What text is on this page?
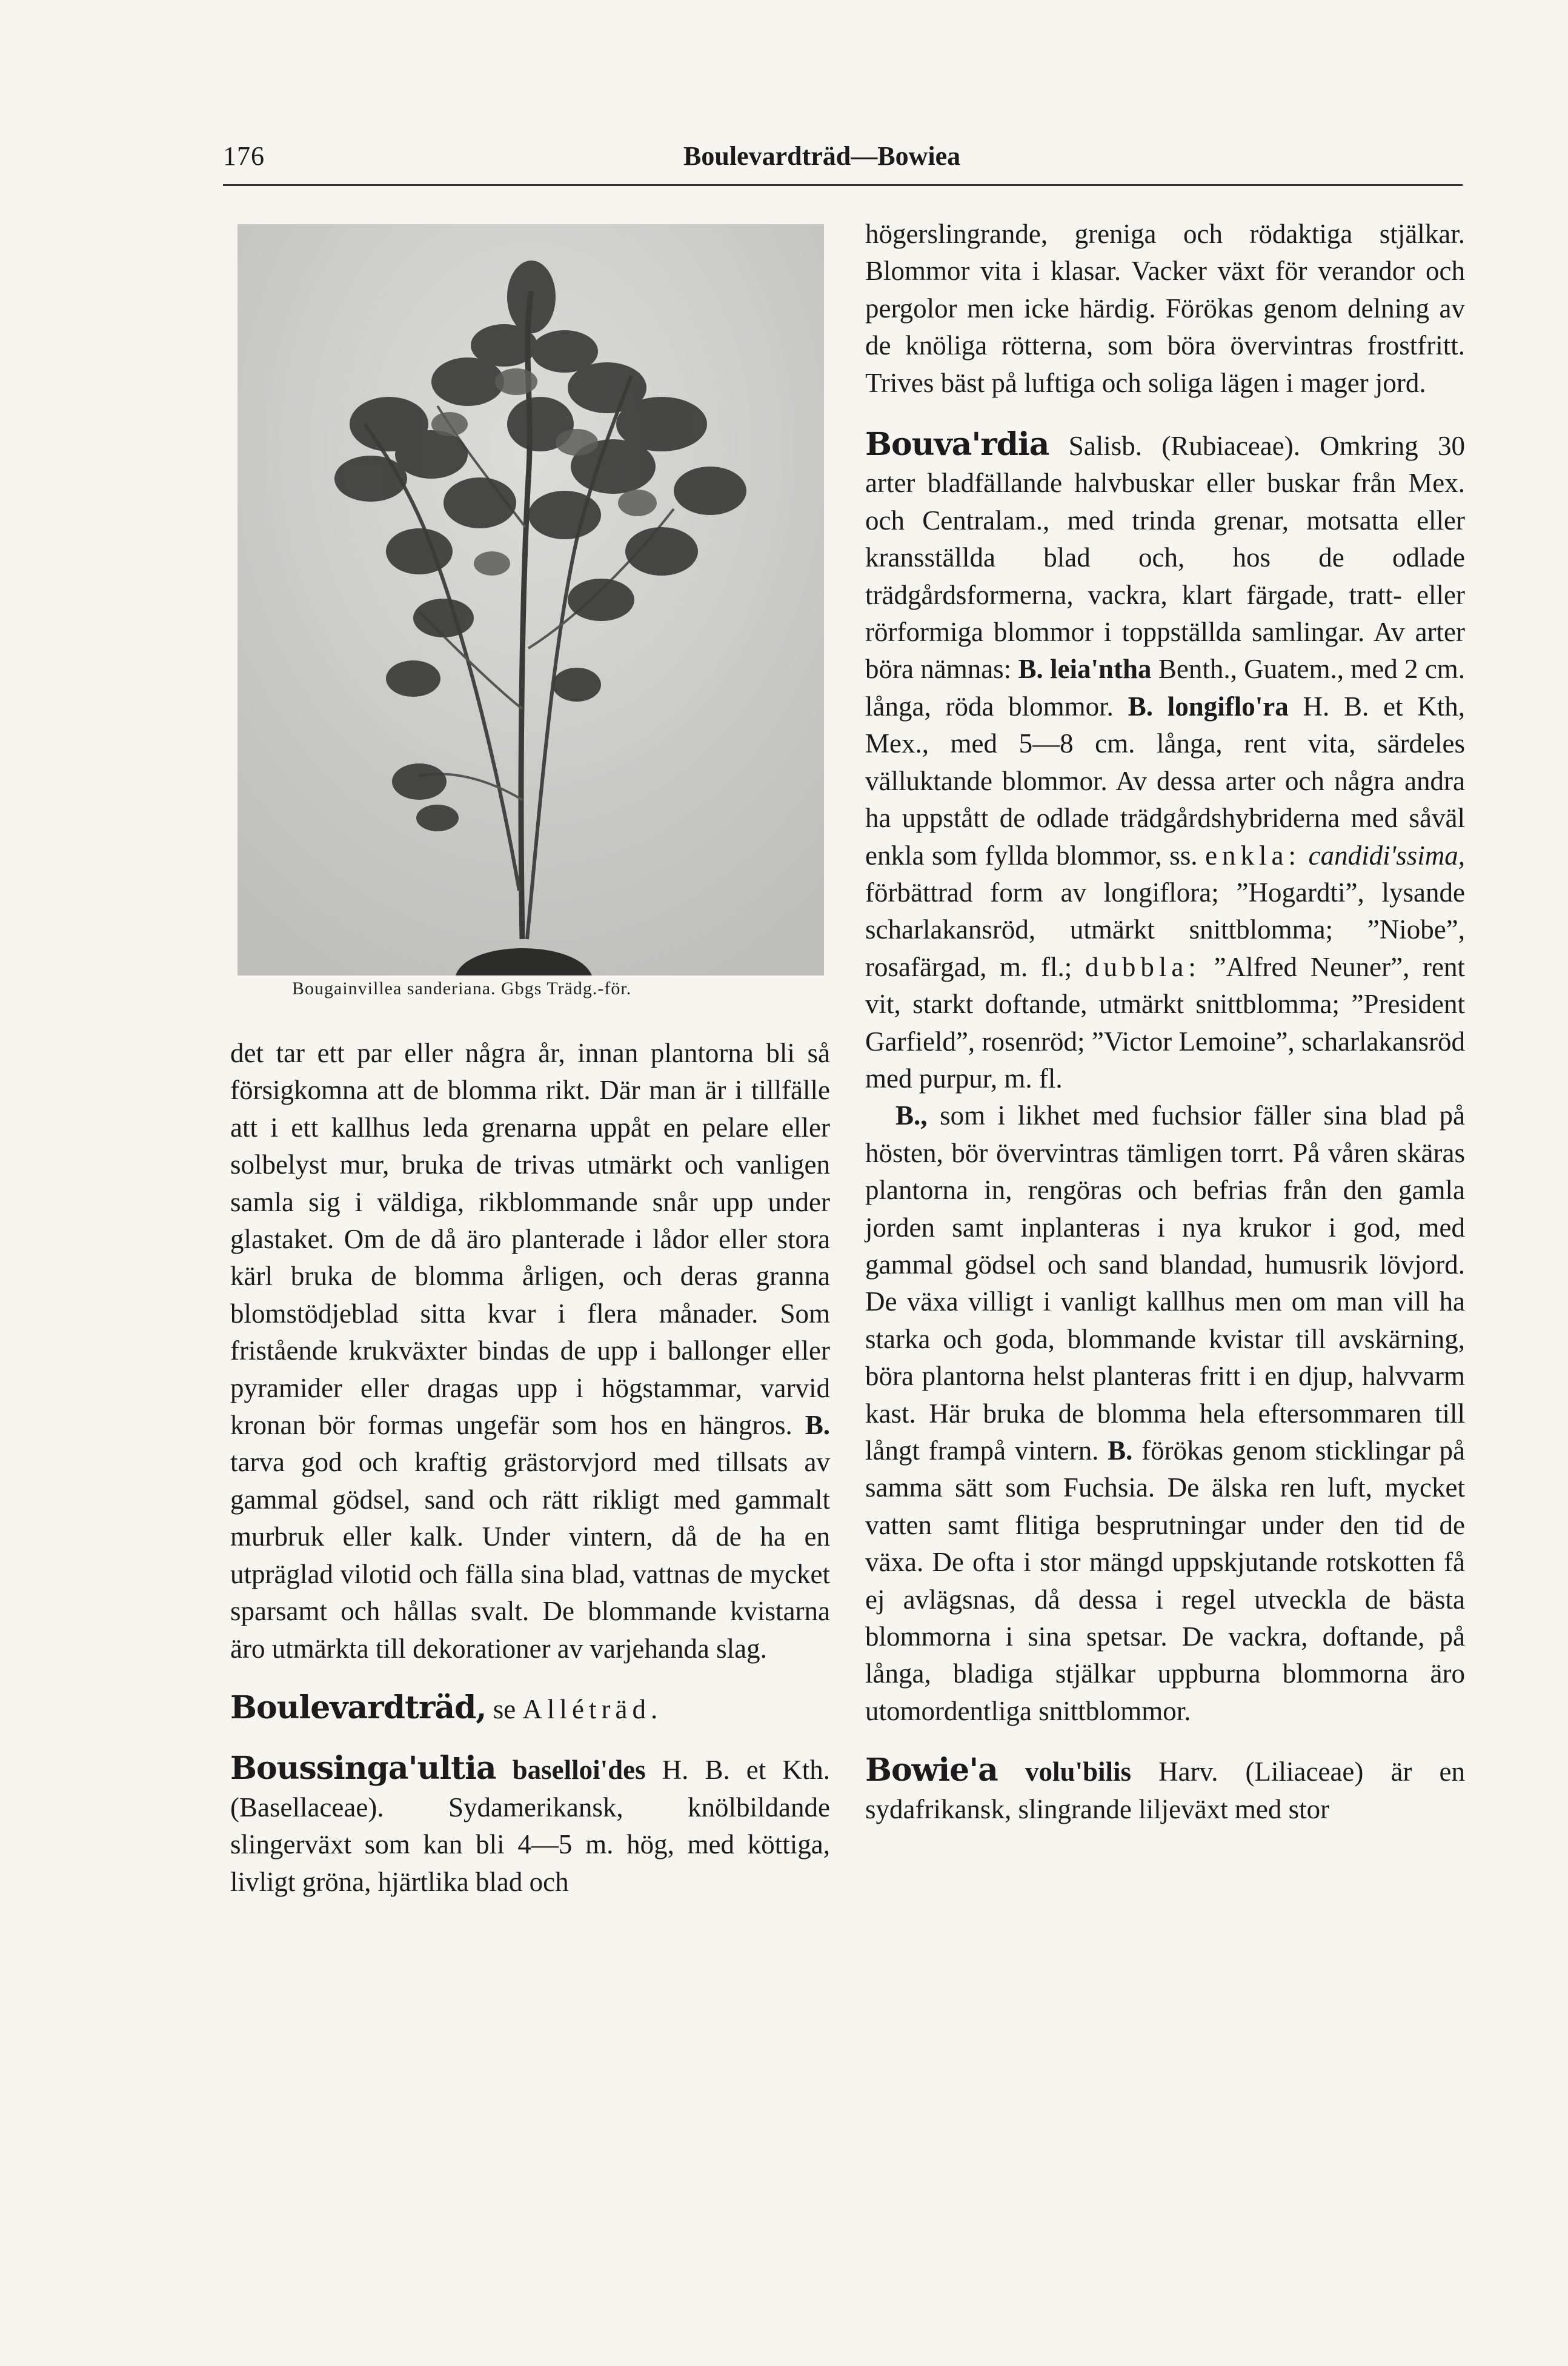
176	Boulevardträd—Bowiea
Bougainvillea sanderiana. Gbgs Trädg.-för.

det tar ett par eller några år, innan plantorna bli så försigkomna att de blomma rikt. Där man är i tillfälle att i ett kallhus leda grenarna uppåt en pelare eller solbelyst mur, bruka de trivas utmärkt och vanligen samla sig i väldiga, rikblommande snår upp under glastaket. Om de då äro planterade i lådor eller stora kärl bruka de blomma årligen, och deras granna blomstödjeblad sitta kvar i flera månader. Som fristående krukväxter bindas de upp i ballonger eller pyramider eller dragas upp i högstammar, varvid kronan bör formas ungefär som hos en hängros. B. tarva god och kraftig grästorvjord med tillsats av gammal gödsel, sand och rätt rikligt med gammalt murbruk eller kalk. Under vintern, då de ha en utpräglad vilotid och fälla sina blad, vattnas de mycket sparsamt och hållas svalt. De blommande kvistarna äro utmärkta till dekorationer av varjehanda slag.

Boulevardträd, se Alléträd.

Boussinga'ultia baselloi'des H. B. et Kth. (Basellaceae). Sydamerikansk, knölbildande slingerväxt som kan bli 4—5 m. hög, med köttiga, livligt gröna, hjärtlika blad och

högerslingrande, greniga och rödaktiga stjälkar. Blommor vita i klasar. Vacker växt för verandor och pergolor men icke härdig. Förökas genom delning av de knöliga rötterna, som böra övervintras frostfritt. Trives bäst på luftiga och soliga lägen i mager jord.

Bouva'rdia Salisb. (Rubiaceae). Omkring 30 arter bladfällande halvbuskar eller buskar från Mex. och Centralam., med trinda grenar, motsatta eller kransställda blad och, hos de odlade trädgårdsformerna, vackra, klart färgade, tratt- eller rörformiga blommor i toppställda samlingar. Av arter böra nämnas: B. leia'ntha Benth., Guatem., med 2 cm. långa, röda blommor. B. longiflo'ra H. B. et Kth, Mex., med 5—8 cm. långa, rent vita, särdeles välluktande blommor. Av dessa arter och några andra ha uppstått de odlade trädgårdshybriderna med såväl enkla som fyllda blommor, ss. enkla: candidi'ssima, förbättrad form av longiflora; ”Hogardti”, lysande scharlakansröd, utmärkt snittblomma; ”Niobe”, rosafärgad, m. fl.; dubbla: ”Alfred Neuner”, rent vit, starkt doftande, utmärkt snittblomma; ”President Garfield”, rosenröd; ”Victor Lemoine”, scharlakansröd med purpur, m. fl.

B., som i likhet med fuchsior fäller sina blad på hösten, bör övervintras tämligen torrt. På våren skäras plantorna in, rengöras och befrias från den gamla jorden samt inplanteras i nya krukor i god, med gammal gödsel och sand blandad, humusrik lövjord. De växa villigt i vanligt kallhus men om man vill ha starka och goda, blommande kvistar till avskärning, böra plantorna helst planteras fritt i en djup, halvvarm kast. Här bruka de blomma hela eftersommaren till långt frampå vintern. B. förökas genom sticklingar på samma sätt som Fuchsia. De älska ren luft, mycket vatten samt flitiga besprutningar under den tid de växa. De ofta i stor mängd uppskjutande rotskotten få ej avlägsnas, då dessa i regel utveckla de bästa blommorna i sina spetsar. De vackra, doftande, på långa, bladiga stjälkar uppburna blommorna äro utomordentliga snittblommor.

Bowie'a volu'bilis Harv. (Liliaceae) är en sydafrikansk, slingrande liljeväxt med stor
